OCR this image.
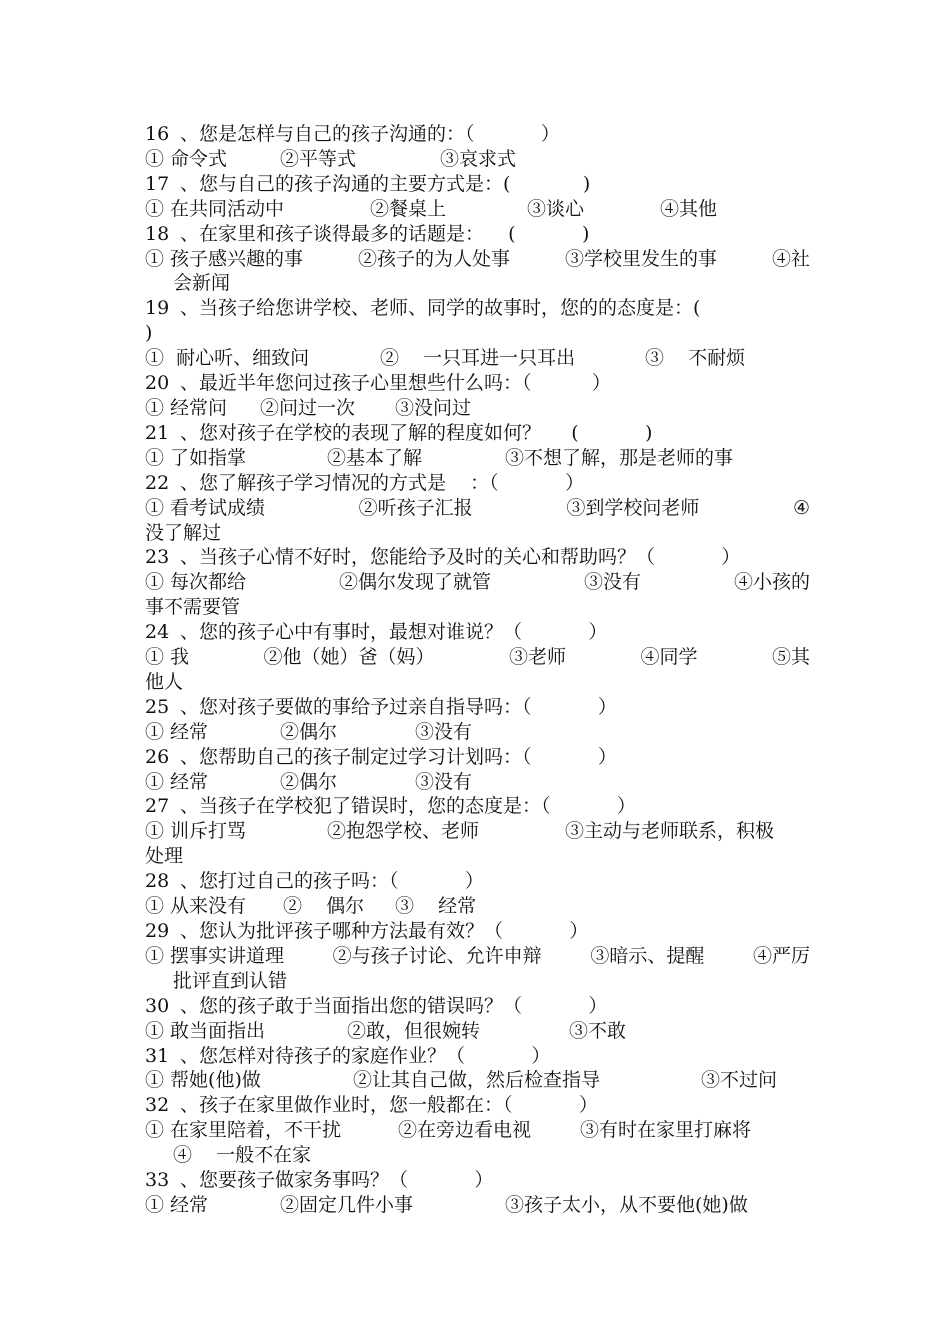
16 、您是怎样与自己的孩子沟通的：（           ）
① 命令式	②平等式	③哀求式
17 、您与自己的孩子沟通的主要方式是：(            )
① 在共同活动中	②餐桌上	③谈心	④其他
18 、在家里和孩子谈得最多的话题是：    (           )
① 孩子感兴趣的事	②孩子的为人处事	③学校里发生的事	④社
会新闻
19 、当孩子给您讲学校、老师、同学的故事时，您的的态度是：(
)
①  耐心听、细致问	②    一只耳进一只耳出	③    不耐烦
20 、最近半年您问过孩子心里想些什么吗：（          ）
① 经常问	②问过一次	③没问过
21 、您对孩子在学校的表现了解的程度如何？     (           )
① 了如指掌	②基本了解	③不想了解，那是老师的事
22 、您了解孩子学习情况的方式是    ：（           ）
① 看考试成绩	②听孩子汇报	③到学校问老师	④
没了解过
23 、当孩子心情不好时，您能给予及时的关心和帮助吗？（           ）
① 每次都给	②偶尔发现了就管	③没有	④小孩的
事不需要管
24 、您的孩子心中有事时，最想对谁说？（           ）
① 我	②他（她）爸（妈）	③老师	④同学	⑤其
他人
25 、您对孩子要做的事给予过亲自指导吗：（           ）
① 经常	②偶尔	③没有
26 、您帮助自己的孩子制定过学习计划吗：（           ）
① 经常	②偶尔	③没有
27 、当孩子在学校犯了错误时，您的态度是：（           ）
① 训斥打骂	②抱怨学校、老师	③主动与老师联系，积极
处理
28 、您打过自己的孩子吗：（           ）
① 从来没有	②    偶尔	③    经常
29 、您认为批评孩子哪种方法最有效？（           ）
① 摆事实讲道理	②与孩子讨论、允许申辩	③暗示、提醒	④严厉
批评直到认错
30 、您的孩子敢于当面指出您的错误吗？（           ）
① 敢当面指出	②敢，但很婉转	③不敢
31 、您怎样对待孩子的家庭作业？（           ）
① 帮她(他)做	②让其自己做，然后检查指导	③不过问
32 、孩子在家里做作业时，您一般都在：（           ）
① 在家里陪着，不干扰	②在旁边看电视	③有时在家里打麻将
④    一般不在家
33 、您要孩子做家务事吗？（           ）
① 经常	②固定几件小事	③孩子太小，从不要他(她)做
